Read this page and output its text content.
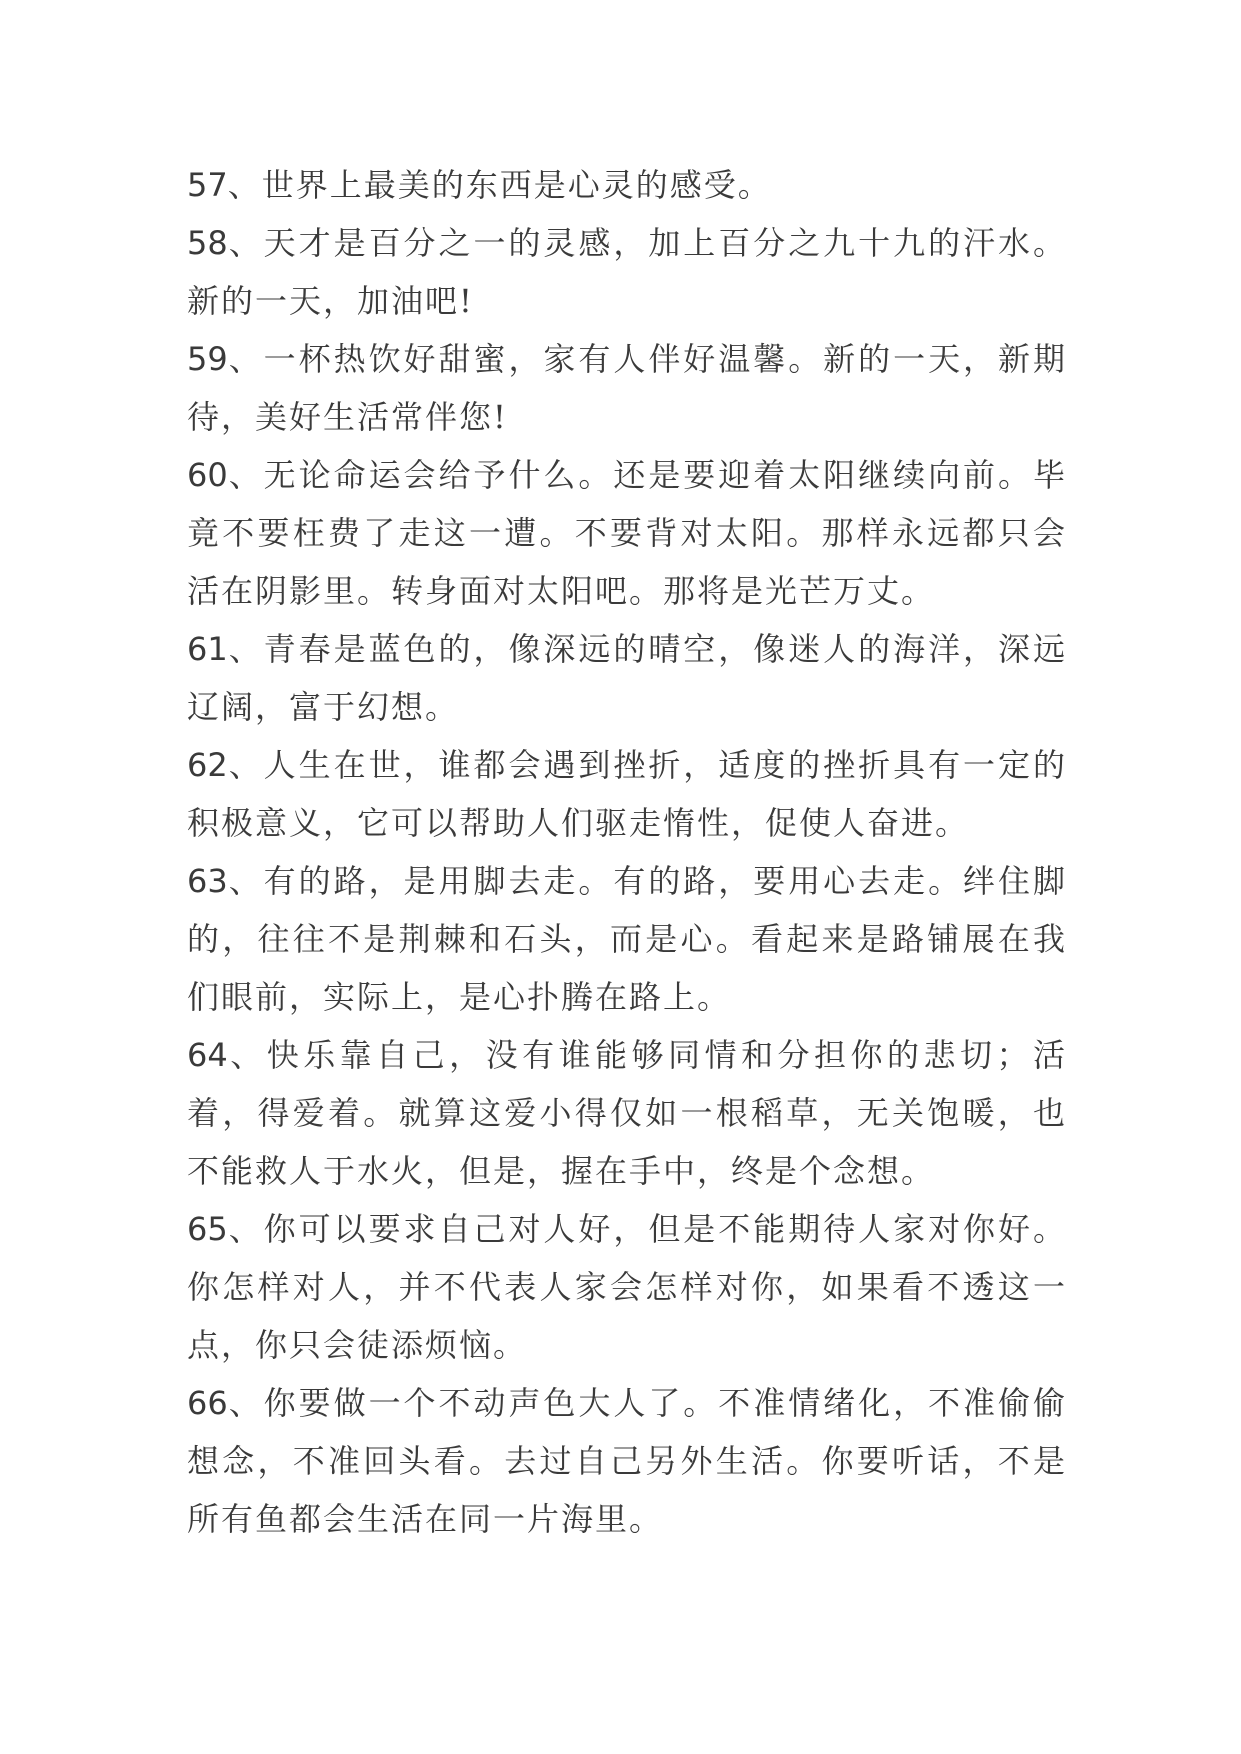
57、世界上最美的东西是心灵的感受。

58、天才是百分之一的灵感，加上百分之九十九的汗水。新的一天，加油吧!

59、一杯热饮好甜蜜，家有人伴好温馨。新的一天，新期待，美好生活常伴您!

60、无论命运会给予什么。还是要迎着太阳继续向前。毕竟不要枉费了走这一遭。不要背对太阳。那样永远都只会活在阴影里。转身面对太阳吧。那将是光芒万丈。

61、青春是蓝色的，像深远的晴空，像迷人的海洋，深远辽阔，富于幻想。

62、人生在世，谁都会遇到挫折，适度的挫折具有一定的积极意义，它可以帮助人们驱走惰性，促使人奋进。

63、有的路，是用脚去走。有的路，要用心去走。绊住脚的，往往不是荆棘和石头，而是心。看起来是路铺展在我们眼前，实际上，是心扑腾在路上。

64、快乐靠自己，没有谁能够同情和分担你的悲切；活着，得爱着。就算这爱小得仅如一根稻草，无关饱暖，也不能救人于水火，但是，握在手中，终是个念想。

65、你可以要求自己对人好，但是不能期待人家对你好。你怎样对人，并不代表人家会怎样对你，如果看不透这一点，你只会徒添烦恼。

66、你要做一个不动声色大人了。不准情绪化，不准偷偷想念，不准回头看。去过自己另外生活。你要听话，不是所有鱼都会生活在同一片海里。
